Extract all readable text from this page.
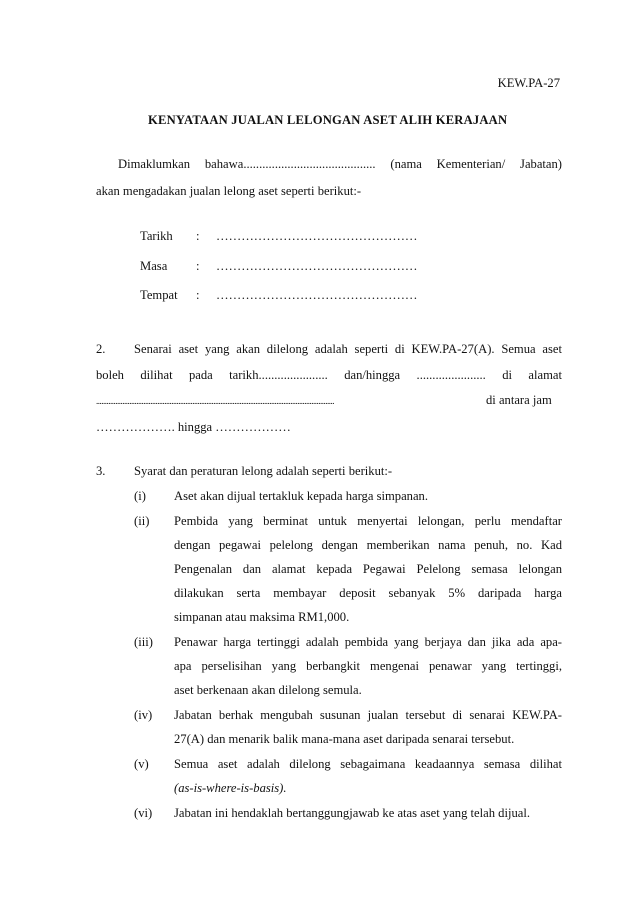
KEW.PA-27
KENYATAAN JUALAN LELONGAN ASET ALIH KERAJAAN
Dimaklumkan bahawa.......................................... (nama Kementerian/ Jabatan)
akan mengadakan jualan lelong aset seperti berikut:-
Tarikh : …………………………………………
Masa : …………………………………………
Tempat : …………………………………………
2. Senarai aset yang akan dilelong adalah seperti di KEW.PA-27(A). Semua aset
boleh dilihat pada tarikh...................... dan/hingga ...................... di alamat
........................................................................................................................................	di antara jam
………………. hingga ………………
3. Syarat dan peraturan lelong adalah seperti berikut:-
(i) Aset akan dijual tertakluk kepada harga simpanan.
(ii) Pembida yang berminat untuk menyertai lelongan, perlu mendaftar
dengan pegawai pelelong dengan memberikan nama penuh, no. Kad
Pengenalan dan alamat kepada Pegawai Pelelong semasa lelongan
dilakukan serta membayar deposit sebanyak 5% daripada harga
simpanan atau maksima RM1,000.
(iii) Penawar harga tertinggi adalah pembida yang berjaya dan jika ada apa-
apa perselisihan yang berbangkit mengenai penawar yang tertinggi,
aset berkenaan akan dilelong semula.
(iv) Jabatan berhak mengubah susunan jualan tersebut di senarai KEW.PA-
27(A) dan menarik balik mana-mana aset daripada senarai tersebut.
(v) Semua aset adalah dilelong sebagaimana keadaannya semasa dilihat
(as-is-where-is-basis).
(vi) Jabatan ini hendaklah bertanggungjawab ke atas aset yang telah dijual.
